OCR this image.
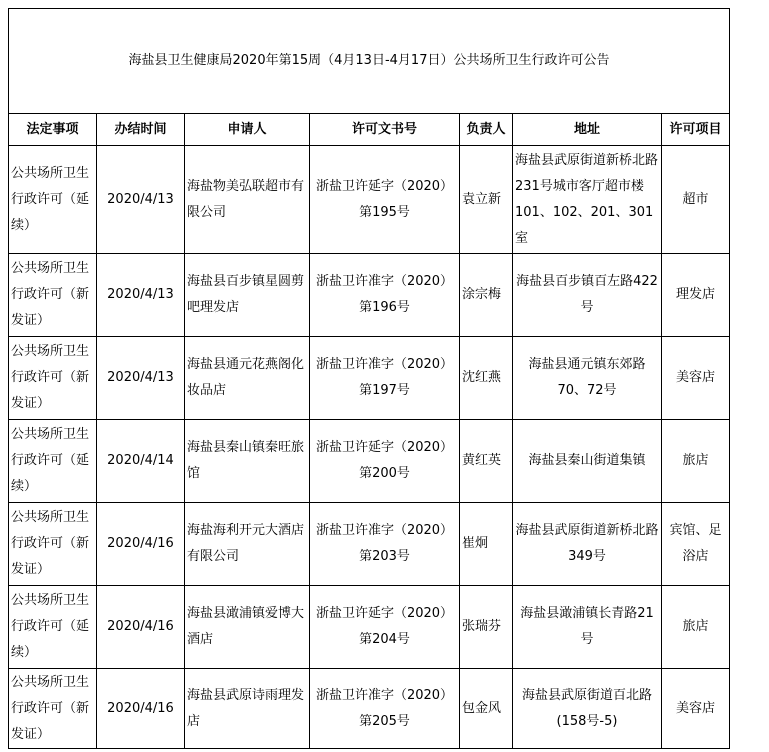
海盐县卫生健康局2020年第15周（4月13日-4月17日）公共场所卫生行政许可公告						
法定事项	办结时间	申请人	许可文书号	负责人	地址	许可项目
公共场所卫生行政许可（延续）	2020/4/13	海盐物美弘联超市有限公司	浙盐卫许延字（2020）第195号	袁立新	海盐县武原街道新桥北路231号城市客厅超市楼101、102、201、301室	超市
公共场所卫生行政许可（新发证）	2020/4/13	海盐县百步镇星圆剪吧理发店	浙盐卫许准字（2020）第196号	涂宗梅	海盐县百步镇百左路422号	理发店
公共场所卫生行政许可（新发证）	2020/4/13	海盐县通元花燕阁化妆品店	浙盐卫许准字（2020）第197号	沈红燕	海盐县通元镇东郊路70、72号	美容店
公共场所卫生行政许可（延续）	2020/4/14	海盐县秦山镇秦旺旅馆	浙盐卫许延字（2020）第200号	黄红英	海盐县秦山街道集镇	旅店
公共场所卫生行政许可（新发证）	2020/4/16	海盐海利开元大酒店有限公司	浙盐卫许准字（2020）第203号	崔炯	海盐县武原街道新桥北路349号	宾馆、足浴店
公共场所卫生行政许可（延续）	2020/4/16	海盐县澉浦镇爱博大酒店	浙盐卫许延字（2020）第204号	张瑞芬	海盐县澉浦镇长青路21号	旅店
公共场所卫生行政许可（新发证）	2020/4/16	海盐县武原诗雨理发店	浙盐卫许准字（2020）第205号	包金风	海盐县武原街道百北路(158号-5)	美容店
